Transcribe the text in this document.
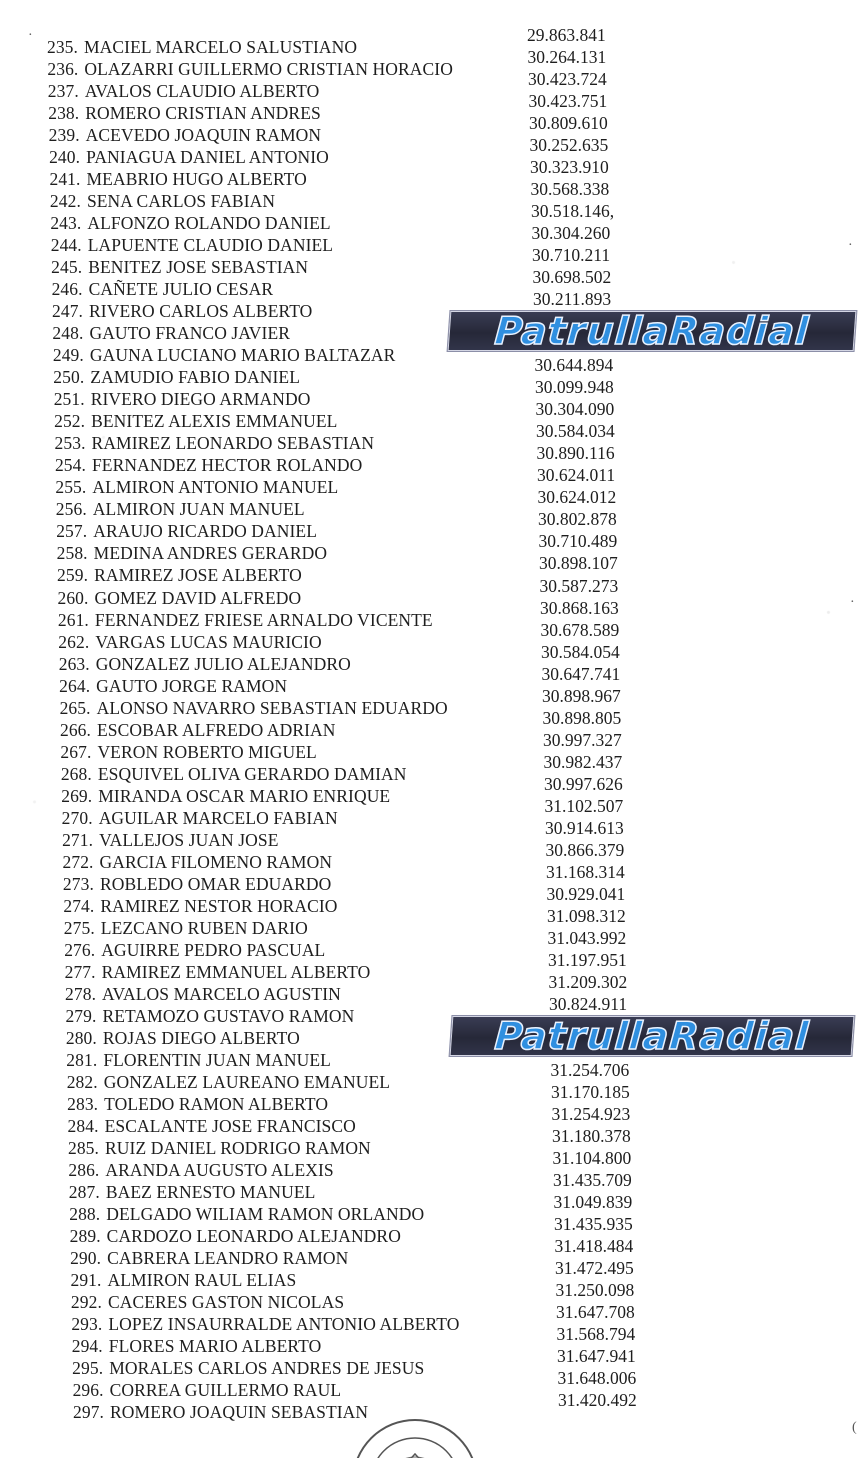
235. MACIEL MARCELO SALUSTIANO
29.863.841
236. OLAZARRI GUILLERMO CRISTIAN HORACIO
30.264.131
237. AVALOS CLAUDIO ALBERTO
30.423.724
238. ROMERO CRISTIAN ANDRES
30.423.751
239. ACEVEDO JOAQUIN RAMON
30.809.610
240. PANIAGUA DANIEL ANTONIO
30.252.635
241. MEABRIO HUGO ALBERTO
30.323.910
242. SENA CARLOS FABIAN
30.568.338
243. ALFONZO ROLANDO DANIEL
30.518.146,
244. LAPUENTE CLAUDIO DANIEL
30.304.260
245. BENITEZ JOSE SEBASTIAN
30.710.211
246. CAÑETE JULIO CESAR
30.698.502
247. RIVERO CARLOS ALBERTO
30.211.893
248. GAUTO FRANCO JAVIER
249. GAUNA LUCIANO MARIO BALTAZAR
250. ZAMUDIO FABIO DANIEL
30.644.894
251. RIVERO DIEGO ARMANDO
30.099.948
252. BENITEZ ALEXIS EMMANUEL
30.304.090
253. RAMIREZ LEONARDO SEBASTIAN
30.584.034
254. FERNANDEZ HECTOR ROLANDO
30.890.116
255. ALMIRON ANTONIO MANUEL
30.624.011
256. ALMIRON JUAN MANUEL
30.624.012
257. ARAUJO RICARDO DANIEL
30.802.878
258. MEDINA ANDRES GERARDO
30.710.489
259. RAMIREZ JOSE ALBERTO
30.898.107
260. GOMEZ DAVID ALFREDO
30.587.273
261. FERNANDEZ FRIESE ARNALDO VICENTE
30.868.163
262. VARGAS LUCAS MAURICIO
30.678.589
263. GONZALEZ JULIO ALEJANDRO
30.584.054
264. GAUTO JORGE RAMON
30.647.741
265. ALONSO NAVARRO SEBASTIAN EDUARDO
30.898.967
266. ESCOBAR ALFREDO ADRIAN
30.898.805
267. VERON ROBERTO MIGUEL
30.997.327
268. ESQUIVEL OLIVA GERARDO DAMIAN
30.982.437
269. MIRANDA OSCAR MARIO ENRIQUE
30.997.626
270. AGUILAR MARCELO FABIAN
31.102.507
271. VALLEJOS JUAN JOSE
30.914.613
272. GARCIA FILOMENO RAMON
30.866.379
273. ROBLEDO OMAR EDUARDO
31.168.314
274. RAMIREZ NESTOR HORACIO
30.929.041
275. LEZCANO RUBEN DARIO
31.098.312
276. AGUIRRE PEDRO PASCUAL
31.043.992
277. RAMIREZ EMMANUEL ALBERTO
31.197.951
278. AVALOS MARCELO AGUSTIN
31.209.302
279. RETAMOZO GUSTAVO RAMON
30.824.911
280. ROJAS DIEGO ALBERTO
281. FLORENTIN JUAN MANUEL
282. GONZALEZ LAUREANO EMANUEL
31.254.706
283. TOLEDO RAMON ALBERTO
31.170.185
284. ESCALANTE JOSE FRANCISCO
31.254.923
285. RUIZ DANIEL RODRIGO RAMON
31.180.378
286. ARANDA AUGUSTO ALEXIS
31.104.800
287. BAEZ ERNESTO MANUEL
31.435.709
288. DELGADO WILIAM RAMON ORLANDO
31.049.839
289. CARDOZO LEONARDO ALEJANDRO
31.435.935
290. CABRERA LEANDRO RAMON
31.418.484
291. ALMIRON RAUL ELIAS
31.472.495
292. CACERES GASTON NICOLAS
31.250.098
293. LOPEZ INSAURRALDE ANTONIO ALBERTO
31.647.708
294. FLORES MARIO ALBERTO
31.568.794
295. MORALES CARLOS ANDRES DE JESUS
31.647.941
296. CORREA GUILLERMO RAUL
31.648.006
297. ROMERO JOAQUIN SEBASTIAN
31.420.492
PatrullaRadial
PatrullaRadial
·
·
·
(
